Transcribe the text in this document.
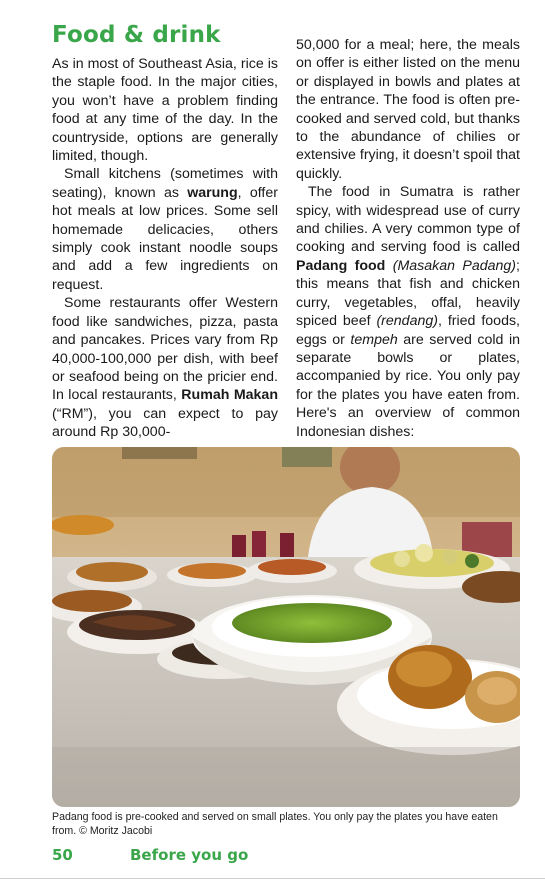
Food & drink

As in most of Southeast Asia, rice is the staple food. In the major cities, you won’t have a problem finding food at any time of the day. In the countryside, options are generally limited, though.

Small kitchens (sometimes with seating), known as warung, offer hot meals at low prices. Some sell homemade delicacies, others simply cook instant noodle soups and add a few ingredients on request.

Some restaurants offer Western food like sandwiches, pizza, pasta and pancakes. Prices vary from Rp 40,000-100,000 per dish, with beef or seafood being on the pricier end. In local restaurants, Rumah Makan (“RM”), you can expect to pay around Rp 30,000-

50,000 for a meal; here, the meals on offer is either listed on the menu or displayed in bowls and plates at the entrance. The food is often pre-cooked and served cold, but thanks to the abundance of chilies or extensive frying, it doesn’t spoil that quickly.

The food in Sumatra is rather spicy, with widespread use of curry and chilies. A very common type of cooking and serving food is called Padang food (Masakan Padang); this means that fish and chicken curry, vegetables, offal, heavily spiced beef (rendang), fried foods, eggs or tempeh are served cold in separate bowls or plates, accompanied by rice. You only pay for the plates you have eaten from. Here's an overview of common Indonesian dishes:

Padang food is pre-cooked and served on small plates. You only pay the plates you have eaten from. © Moritz Jacobi

50	Before you go
